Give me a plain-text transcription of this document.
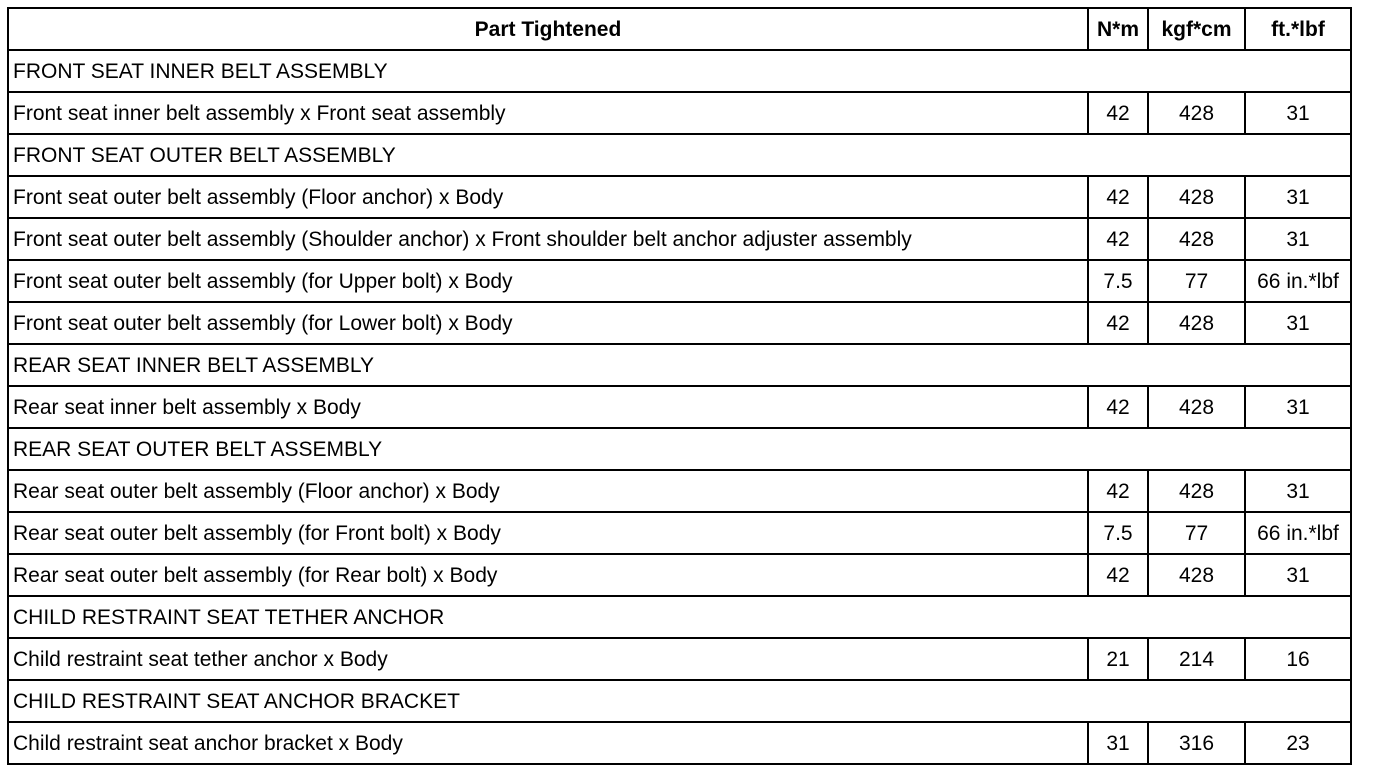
Part Tightened	N*m	kgf*cm	ft.*lbf
FRONT SEAT INNER BELT ASSEMBLY			
Front seat inner belt assembly x Front seat assembly	42	428	31
FRONT SEAT OUTER BELT ASSEMBLY			
Front seat outer belt assembly (Floor anchor) x Body	42	428	31
Front seat outer belt assembly (Shoulder anchor) x Front shoulder belt anchor adjuster assembly	42	428	31
Front seat outer belt assembly (for Upper bolt) x Body	7.5	77	66 in.*lbf
Front seat outer belt assembly (for Lower bolt) x Body	42	428	31
REAR SEAT INNER BELT ASSEMBLY			
Rear seat inner belt assembly x Body	42	428	31
REAR SEAT OUTER BELT ASSEMBLY			
Rear seat outer belt assembly (Floor anchor) x Body	42	428	31
Rear seat outer belt assembly (for Front bolt) x Body	7.5	77	66 in.*lbf
Rear seat outer belt assembly (for Rear bolt) x Body	42	428	31
CHILD RESTRAINT SEAT TETHER ANCHOR			
Child restraint seat tether anchor x Body	21	214	16
CHILD RESTRAINT SEAT ANCHOR BRACKET			
Child restraint seat anchor bracket x Body	31	316	23
